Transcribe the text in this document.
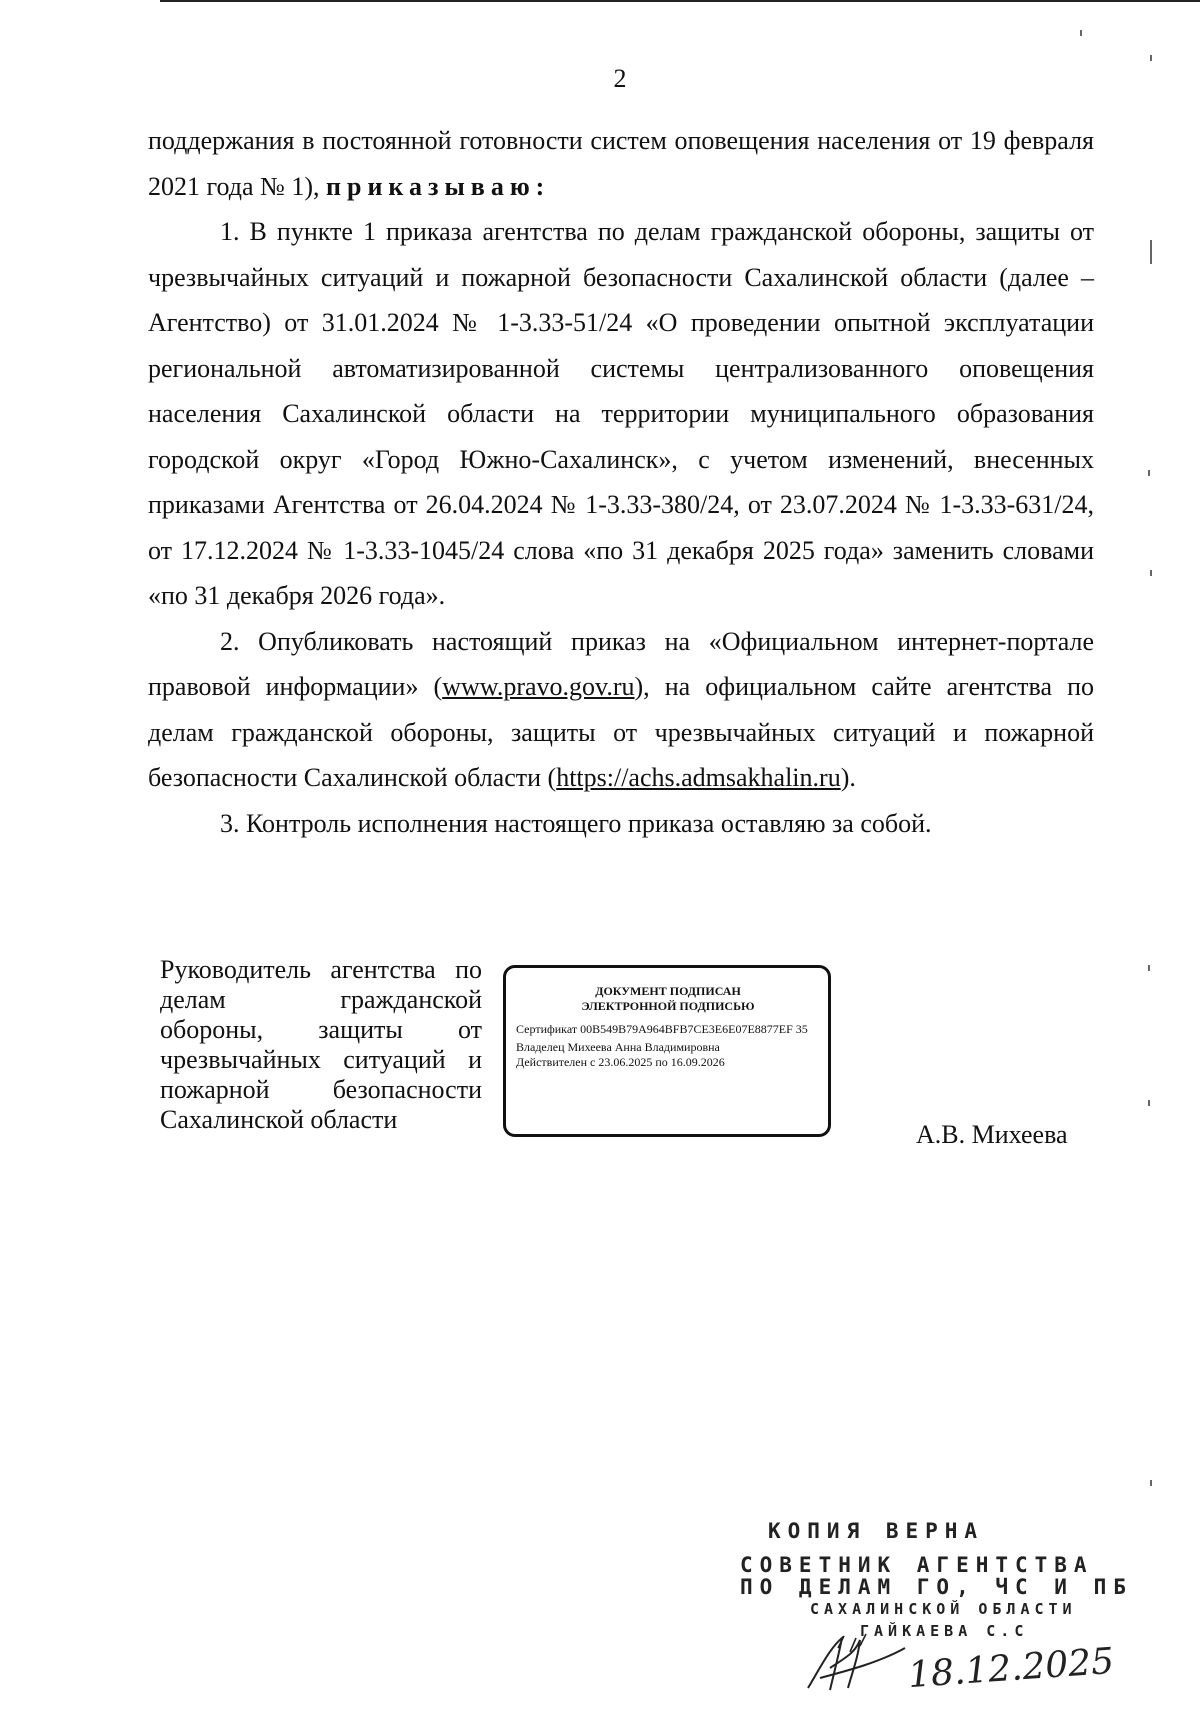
2

поддержания в постоянной готовности систем оповещения населения от 19 февраля 2021 года № 1), приказываю:

1. В пункте 1 приказа агентства по делам гражданской обороны, защиты от чрезвычайных ситуаций и пожарной безопасности Сахалинской области (далее – Агентство) от 31.01.2024 № 1-3.33-51/24 «О проведении опытной эксплуатации региональной автоматизированной системы централизованного оповещения населения Сахалинской области на территории муниципального образования городской округ «Город Южно-Сахалинск», с учетом изменений, внесенных приказами Агентства от 26.04.2024 № 1-3.33-380/24, от 23.07.2024 № 1-3.33-631/24, от 17.12.2024 № 1-3.33-1045/24 слова «по 31 декабря 2025 года» заменить словами «по 31 декабря 2026 года».

2. Опубликовать настоящий приказ на «Официальном интернет-портале правовой информации» (www.pravo.gov.ru), на официальном сайте агентства по делам гражданской обороны, защиты от чрезвычайных ситуаций и пожарной безопасности Сахалинской области (https://achs.admsakhalin.ru).

3. Контроль исполнения настоящего приказа оставляю за собой.

Руководитель агентства по делам гражданской обороны, защиты от чрезвычайных ситуаций и пожарной безопасности Сахалинской области
ДОКУМЕНТ ПОДПИСАН
ЭЛЕКТРОННОЙ ПОДПИСЬЮ
Сертификат 00B549B79A964BFB7CE3E6E07E8877EF 35
Владелец Михеева Анна Владимировна
Действителен с 23.06.2025 по 16.09.2026
А.В. Михеева
КОПИЯ ВЕРНА
СОВЕТНИК АГЕНТСТВА
ПО ДЕЛАМ ГО, ЧС И ПБ
САХАЛИНСКОЙ ОБЛАСТИ
ГАЙКАЕВА С.С
18.12.2025
